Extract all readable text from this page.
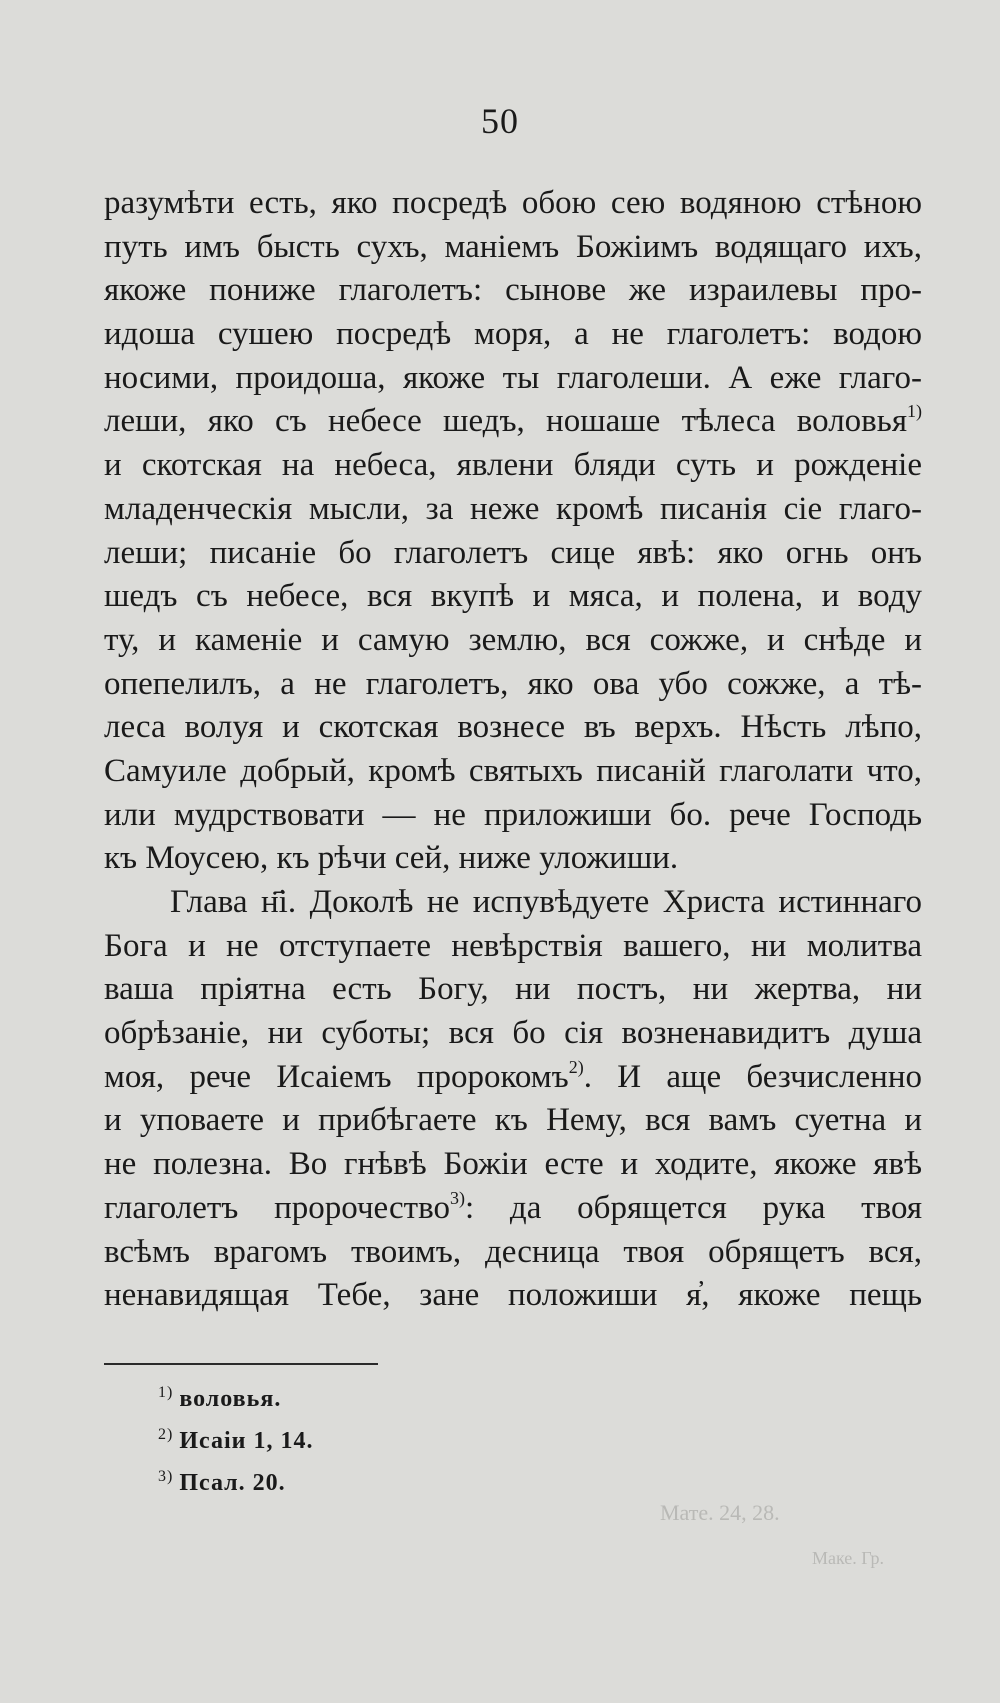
50
разумѣти есть, яко посредѣ обою сею водяною стѣною
путь имъ бысть сухъ, маніемъ Божіимъ водящаго ихъ,
якоже пониже глаголетъ: сынове же израилевы про-
идоша сушею посредѣ моря, а не глаголетъ: водою
носими, проидоша, якоже ты глаголеши. А еже глаго-
леши, яко съ небесе шедъ, ношаше тѣлеса воловья$^{1)}$
и скотская на небеса, явлени бляди суть и рожденіе
младенческія мысли, за неже кромѣ писанія сіе глаго-
леши; писаніе бо глаголетъ сице явѣ: яко огнь онъ
шедъ съ небесе, вся вкупѣ и мяса, и полена, и воду
ту, и каменіе и самую землю, вся сожже, и снѣде и
опепелилъ, а не глаголетъ, яко ова убо сожже, а тѣ-
леса волуя и скотская вознесе въ верхъ. Нѣсть лѣпо,
Самуиле добрый, кромѣ святыхъ писаній глаголати что,
или мудрствовати — не приложиши бо. рече Господь
къ Моусею, къ рѣчи сей, ниже уложиши.
Глава н҃і. Доколѣ не испувѣдуете Христа истиннаго
Бога и не отступаете невѣрствія вашего, ни молитва
ваша пріятна есть Богу, ни постъ, ни жертва, ни
обрѣзаніе, ни суботы; вся бо сія возненавидитъ душа
моя, рече Исаіемъ пророкомъ$^{2)}$. И аще безчисленно
и уповаете и прибѣгаете къ Нему, вся вамъ суетна и
не полезна. Во гнѣвѣ Божіи есте и ходите, якоже явѣ
глаголетъ пророчество$^{3)}$: да обрящется рука твоя
всѣмъ врагомъ твоимъ, десница твоя обрящетъ вся,
ненавидящая Тебе, зане положиши я҆, якоже пещь
$^{1)}$ воловья.
$^{2)}$ Исаіи 1, 14.
$^{3)}$ Псал. 20.
Мате. 24, 28.
Маке. Гр.
